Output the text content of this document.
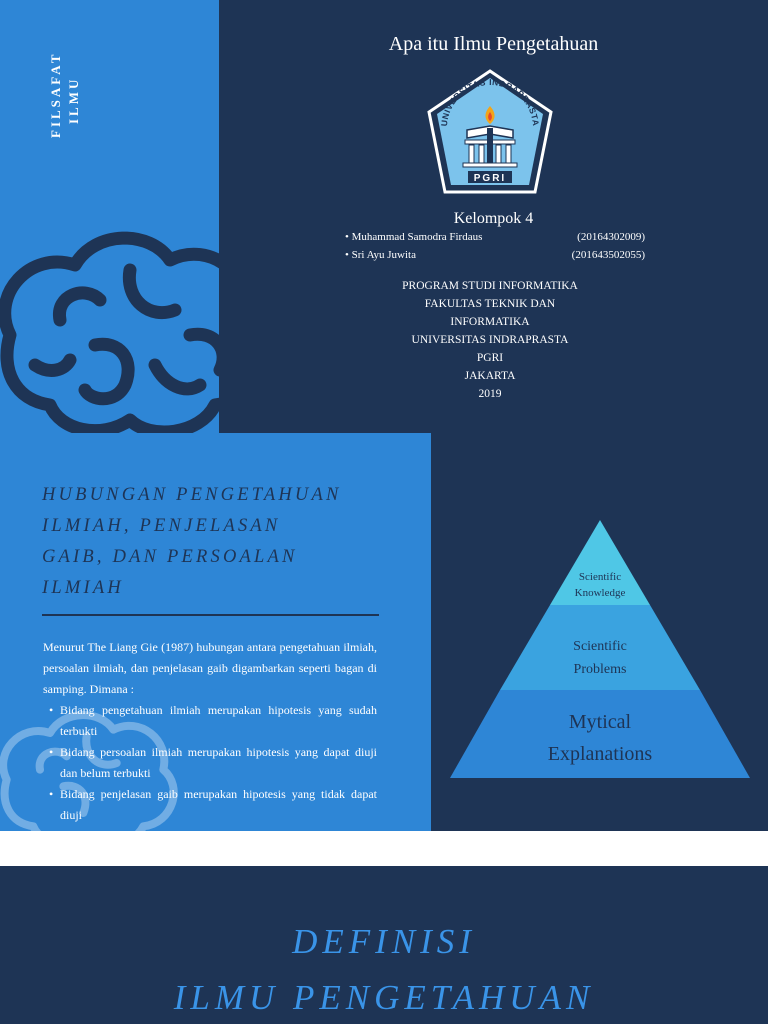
FILSAFAT ILMU
Apa itu Ilmu Pengetahuan
UNIVERSITAS INDRAPRASTA
PGRI
Kelompok 4
• Muhammad Samodra Firdaus	(20164302009)
• Sri Ayu Juwita	(201643502055)
PROGRAM STUDI INFORMATIKA
FAKULTAS TEKNIK DAN
INFORMATIKA
UNIVERSITAS INDRAPRASTA
PGRI
JAKARTA
2019
HUBUNGAN PENGETAHUAN
ILMIAH, PENJELASAN
GAIB, DAN PERSOALAN
ILMIAH

Menurut The Liang Gie (1987) hubungan antara pengetahuan ilmiah, persoalan ilmiah, dan penjelasan gaib digambarkan seperti bagan di samping. Dimana :

• Bidang pengetahuan ilmiah merupakan hipotesis yang sudah terbukti
• Bidang persoalan ilmiah merupakan hipotesis yang dapat diuji dan belum terbukti
• Bidang penjelasan gaib merupakan hipotesis yang tidak dapat diuji
Scientific
Knowledge
Scientific
Problems
Mytical
Explanations
DEFINISI
ILMU PENGETAHUAN
